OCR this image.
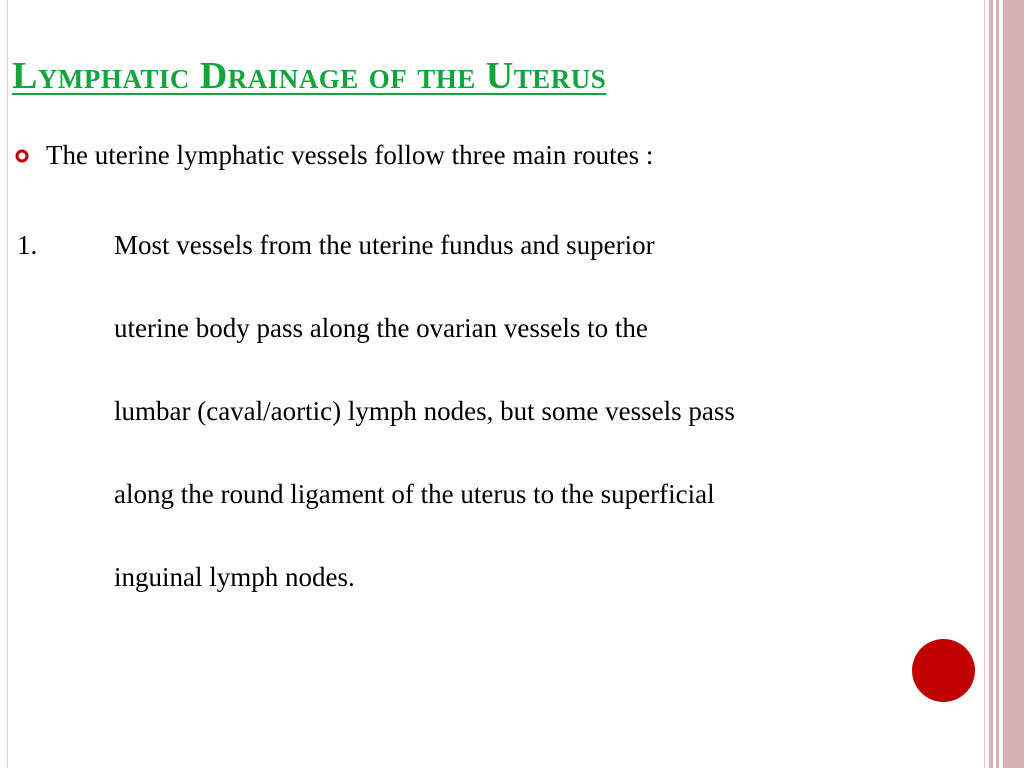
Lymphatic Drainage of the Uterus
The uterine lymphatic vessels follow three main routes :
1.	Most vessels from the uterine fundus and superior
uterine body pass along the ovarian vessels to the
lumbar (caval/aortic) lymph nodes, but some vessels pass
along the round ligament of the uterus to the superficial
inguinal lymph nodes.
